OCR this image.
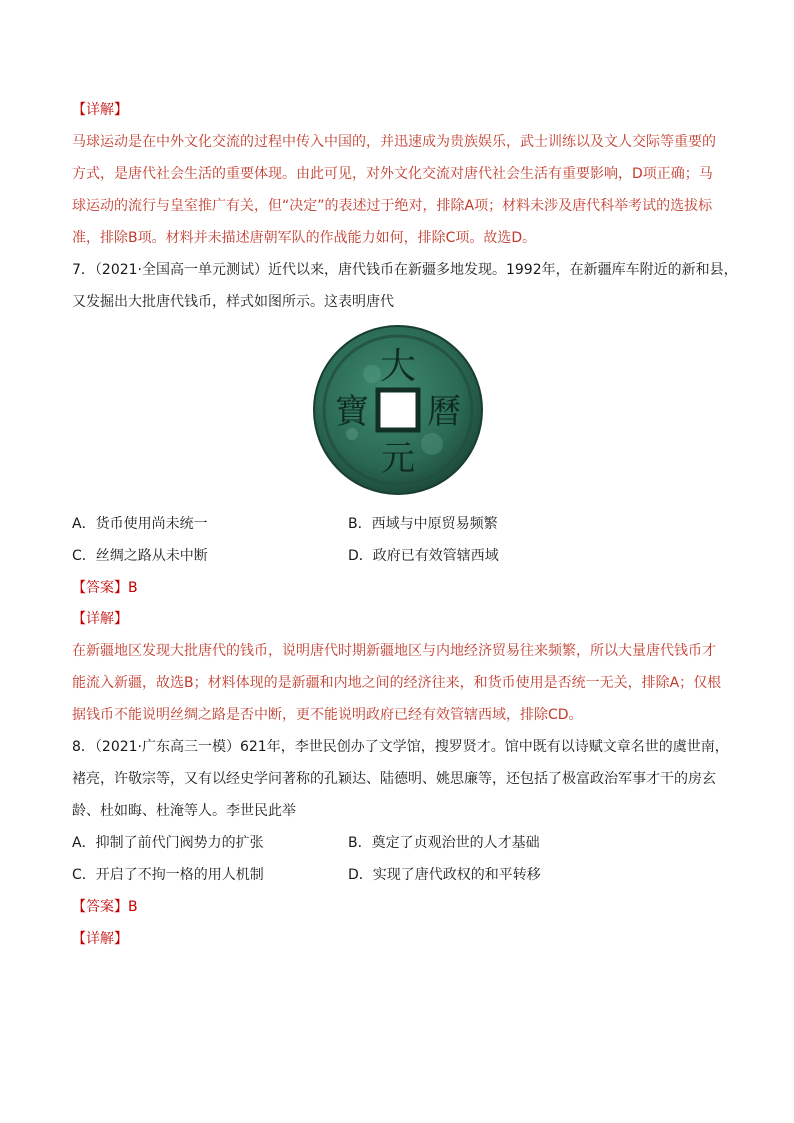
【详解】
马球运动是在中外文化交流的过程中传入中国的，并迅速成为贵族娱乐，武士训练以及文人交际等重要的
方式，是唐代社会生活的重要体现。由此可见，对外文化交流对唐代社会生活有重要影响，D项正确；马
球运动的流行与皇室推广有关，但“决定”的表述过于绝对，排除A项；材料未涉及唐代科举考试的选拔标
准，排除B项。材料并未描述唐朝军队的作战能力如何，排除C项。故选D。
7．（2021·全国高一单元测试）近代以来，唐代钱币在新疆多地发现。1992年，在新疆库车附近的新和县，
又发掘出大批唐代钱币，样式如图所示。这表明唐代
大
曆
元
寶
A．货币使用尚未统一	B．西域与中原贸易频繁
C．丝绸之路从未中断	D．政府已有效管辖西域
【答案】B
【详解】
在新疆地区发现大批唐代的钱币，说明唐代时期新疆地区与内地经济贸易往来频繁，所以大量唐代钱币才
能流入新疆，故选B；材料体现的是新疆和内地之间的经济往来，和货币使用是否统一无关，排除A；仅根
据钱币不能说明丝绸之路是否中断，更不能说明政府已经有效管辖西域，排除CD。
8．（2021·广东高三一模）621年，李世民创办了文学馆，搜罗贤才。馆中既有以诗赋文章名世的虞世南，
褚亮，许敬宗等，又有以经史学问著称的孔颖达、陆德明、姚思廉等，还包括了极富政治军事才干的房玄
龄、杜如晦、杜淹等人。李世民此举
A．抑制了前代门阀势力的扩张	B．奠定了贞观治世的人才基础
C．开启了不拘一格的用人机制	D．实现了唐代政权的和平转移
【答案】B
【详解】
